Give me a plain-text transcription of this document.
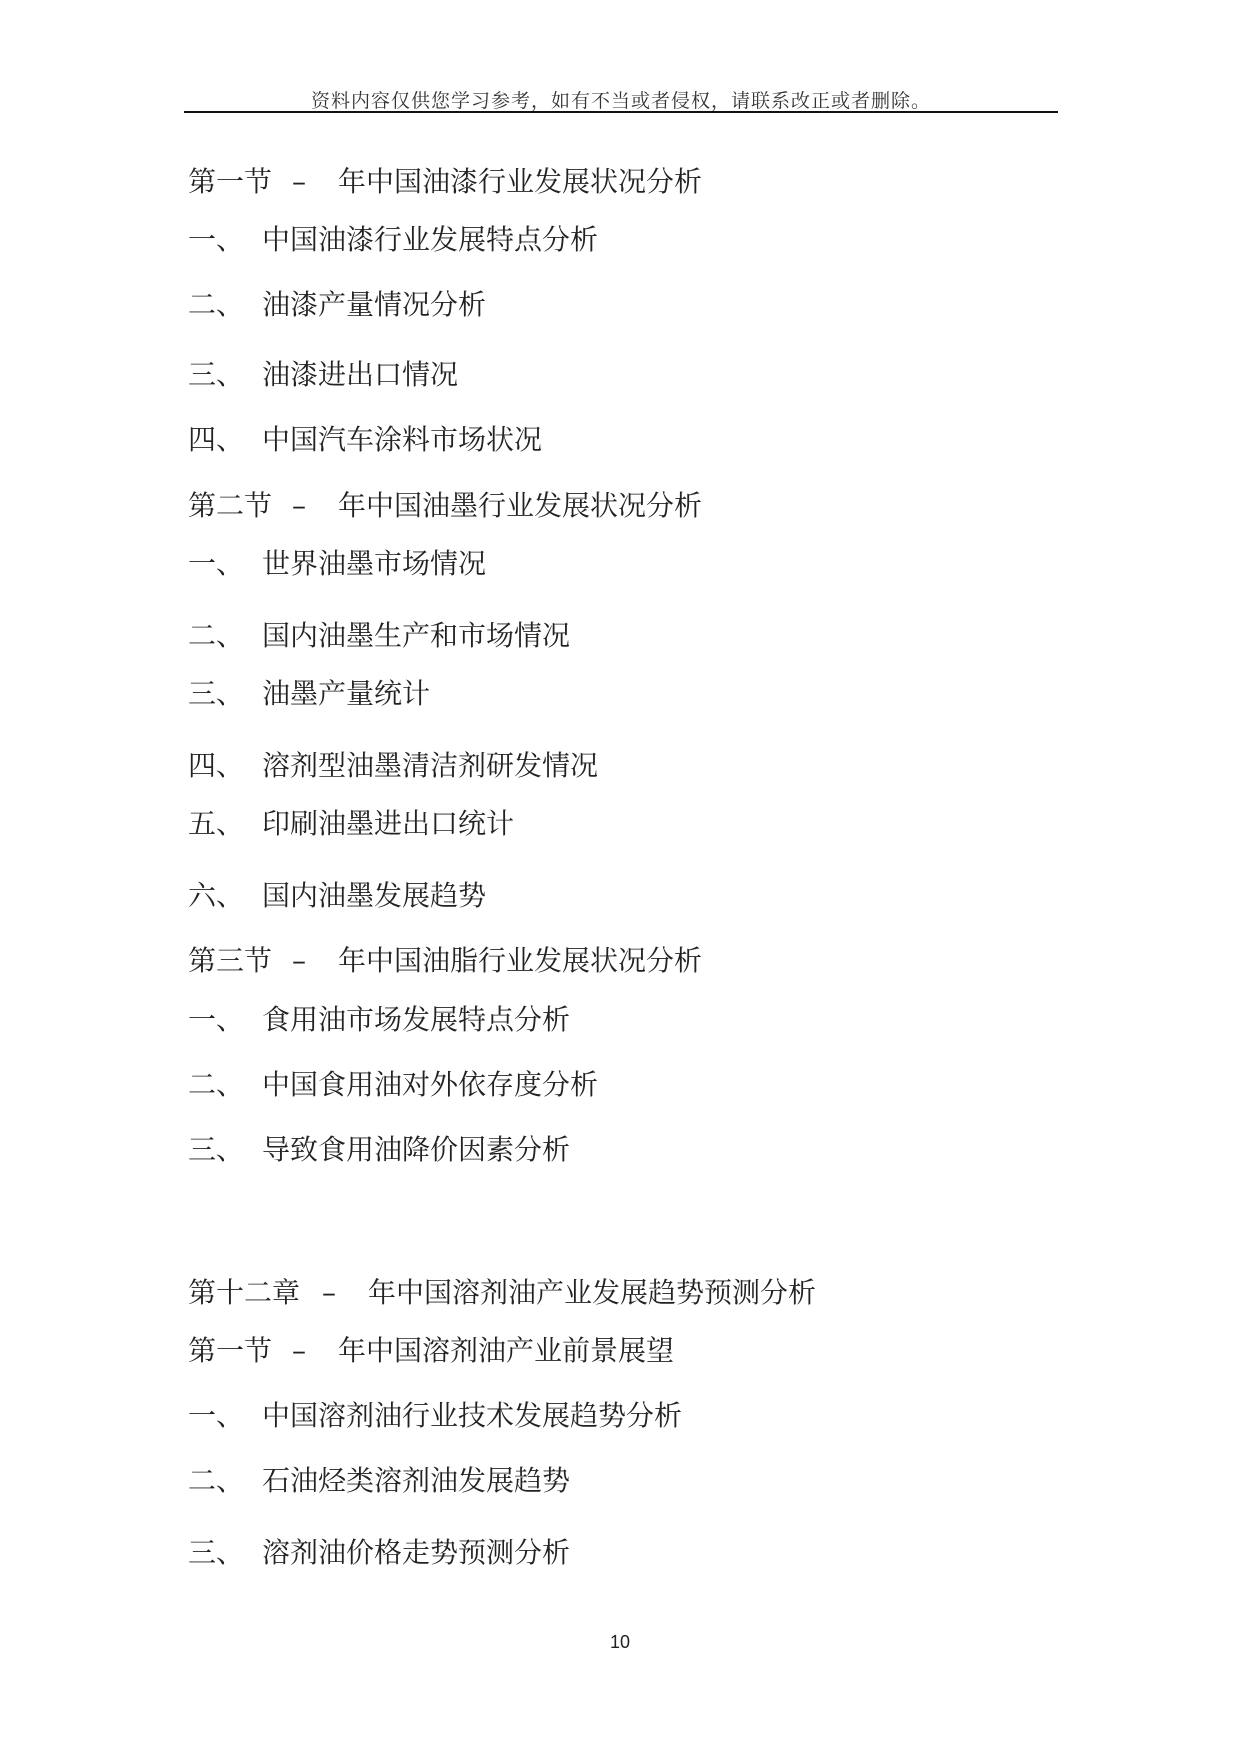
资料内容仅供您学习参考，如有不当或者侵权，请联系改正或者删除。
第一节 – 年中国油漆行业发展状况分析
一、 中国油漆行业发展特点分析
二、 油漆产量情况分析
三、 油漆进出口情况
四、 中国汽车涂料市场状况
第二节 – 年中国油墨行业发展状况分析
一、 世界油墨市场情况
二、 国内油墨生产和市场情况
三、 油墨产量统计
四、 溶剂型油墨清洁剂研发情况
五、 印刷油墨进出口统计
六、 国内油墨发展趋势
第三节 – 年中国油脂行业发展状况分析
一、 食用油市场发展特点分析
二、 中国食用油对外依存度分析
三、 导致食用油降价因素分析
第十二章 – 年中国溶剂油产业发展趋势预测分析
第一节 – 年中国溶剂油产业前景展望
一、 中国溶剂油行业技术发展趋势分析
二、 石油烃类溶剂油发展趋势
三、 溶剂油价格走势预测分析
10
